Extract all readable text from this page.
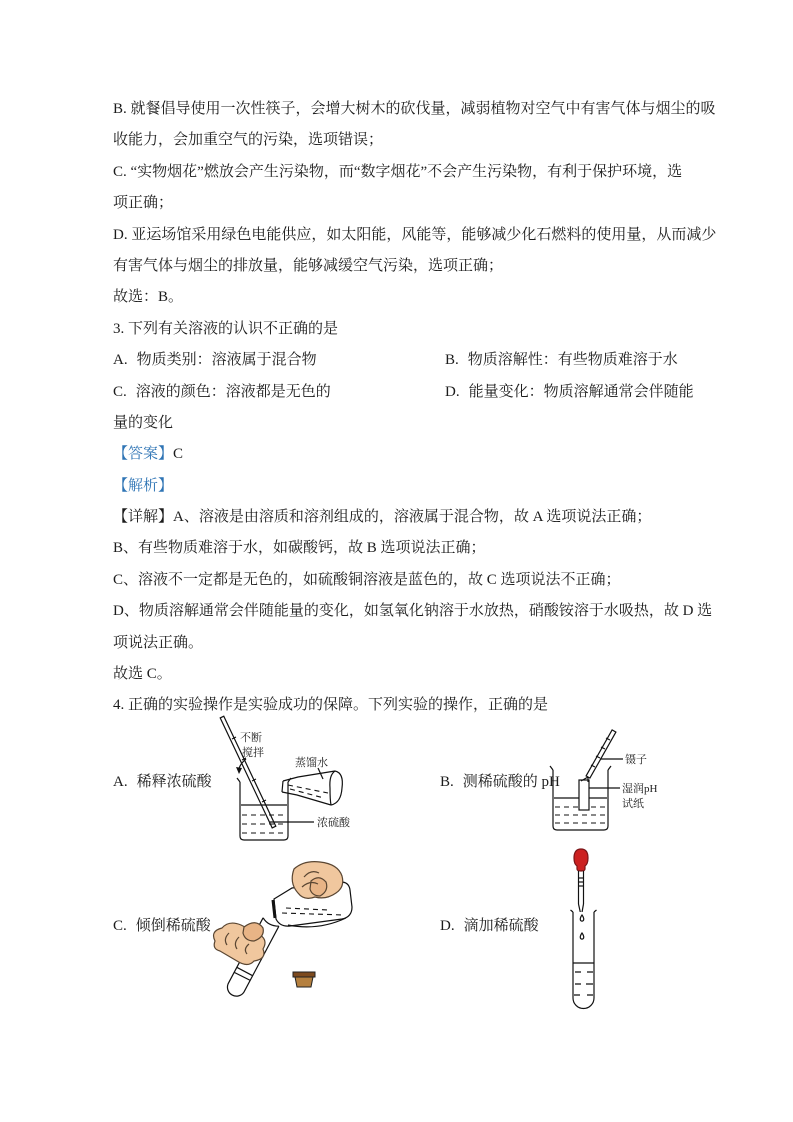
B. 就餐倡导使用一次性筷子，会增大树木的砍伐量，减弱植物对空气中有害气体与烟尘的吸

收能力，会加重空气的污染，选项错误；

C. “实物烟花”燃放会产生污染物，而“数字烟花”不会产生污染物，有利于保护环境，选

项正确；

D. 亚运场馆采用绿色电能供应，如太阳能，风能等，能够减少化石燃料的使用量，从而减少

有害气体与烟尘的排放量，能够减缓空气污染，选项正确；

故选：B。

3. 下列有关溶液的认识不正确的是

A. 物质类别：溶液属于混合物	B. 物质溶解性：有些物质难溶于水

C. 溶液的颜色：溶液都是无色的	D. 能量变化：物质溶解通常会伴随能

量的变化

【答案】C

【解析】

【详解】A、溶液是由溶质和溶剂组成的，溶液属于混合物，故 A 选项说法正确；

B、有些物质难溶于水，如碳酸钙，故 B 选项说法正确；

C、溶液不一定都是无色的，如硫酸铜溶液是蓝色的，故 C 选项说法不正确；

D、物质溶解通常会伴随能量的变化，如氢氧化钠溶于水放热，硝酸铵溶于水吸热，故 D 选

项说法正确。

故选 C。

4. 正确的实验操作是实验成功的保障。下列实验的操作，正确的是

A. 稀释浓硫酸	B. 测稀硫酸的 pH
C. 倾倒稀硫酸	D. 滴加稀硫酸
不断
搅拌
蒸馏水
浓硫酸
镊子
湿润pH
试纸
